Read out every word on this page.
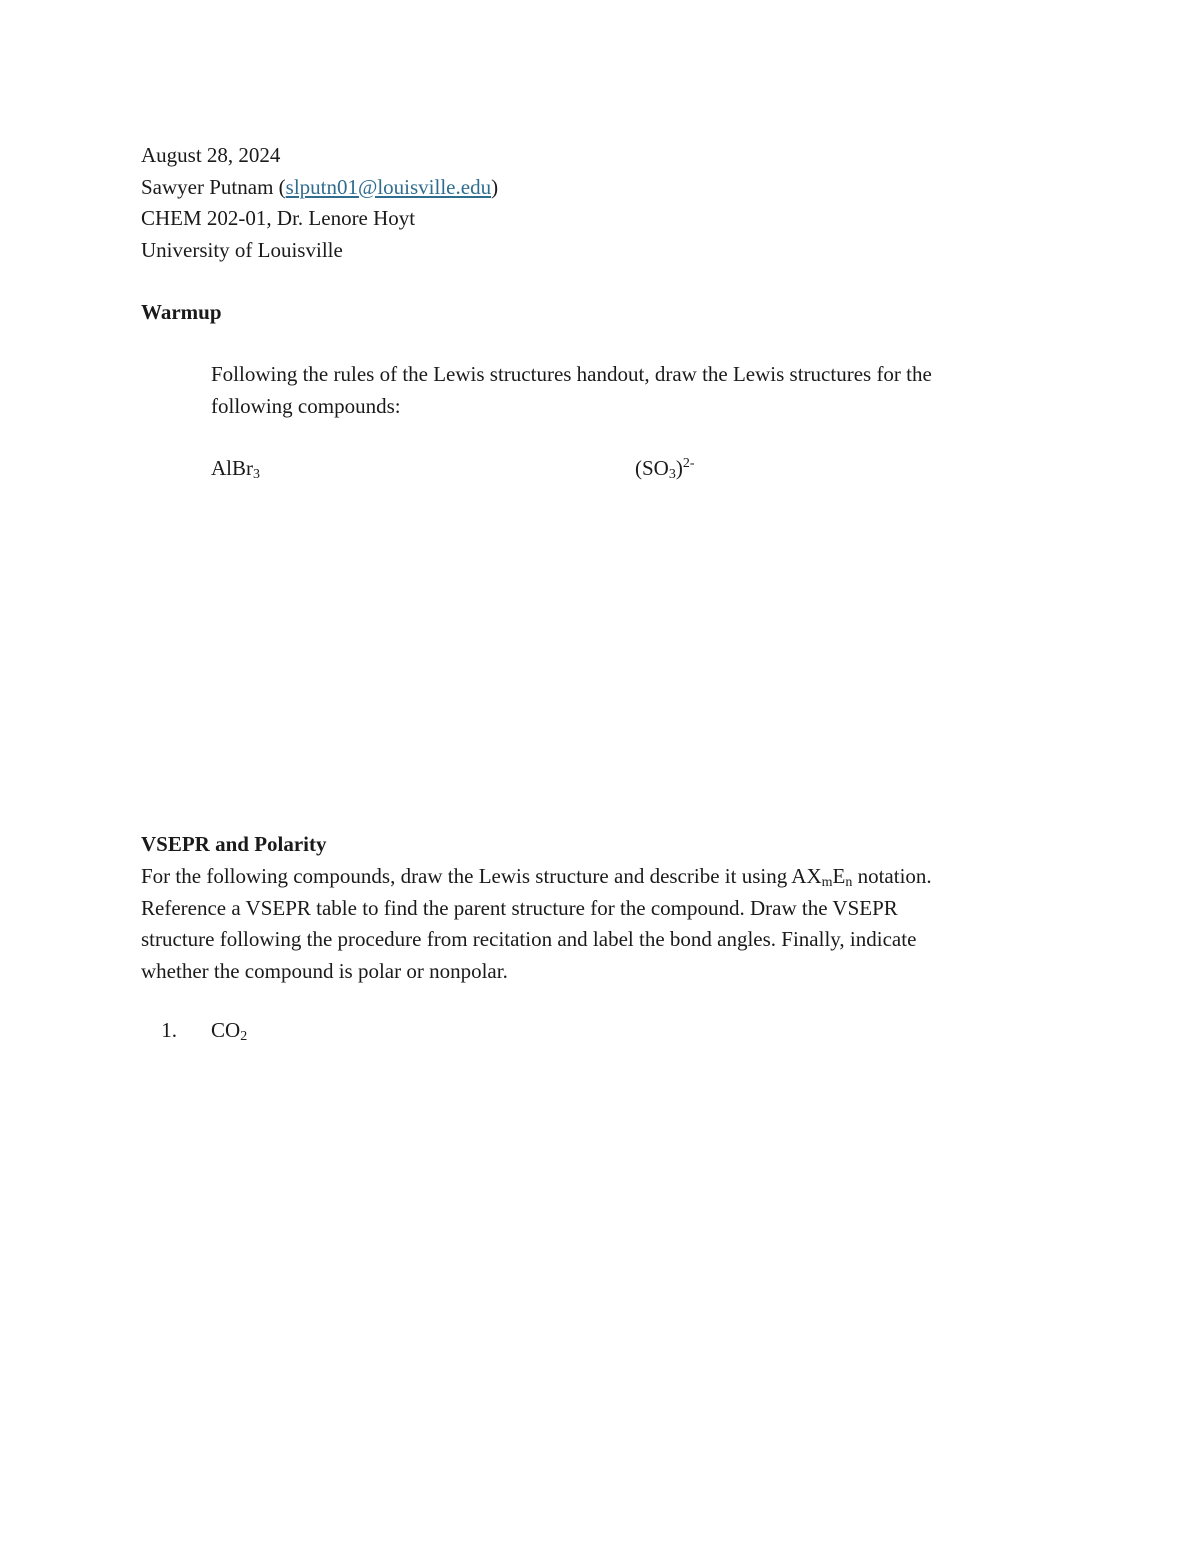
August 28, 2024
Sawyer Putnam (slputn01@louisville.edu)
CHEM 202-01, Dr. Lenore Hoyt
University of Louisville
Warmup
Following the rules of the Lewis structures handout, draw the Lewis structures for the
following compounds:
AlBr$_3$	$(SO_3)^{2-}$
VSEPR and Polarity
For the following compounds, draw the Lewis structure and describe it using $AX_mE_n$ notation.
Reference a VSEPR table to find the parent structure for the compound. Draw the VSEPR
structure following the procedure from recitation and label the bond angles. Finally, indicate
whether the compound is polar or nonpolar.
1. $CO_2$
